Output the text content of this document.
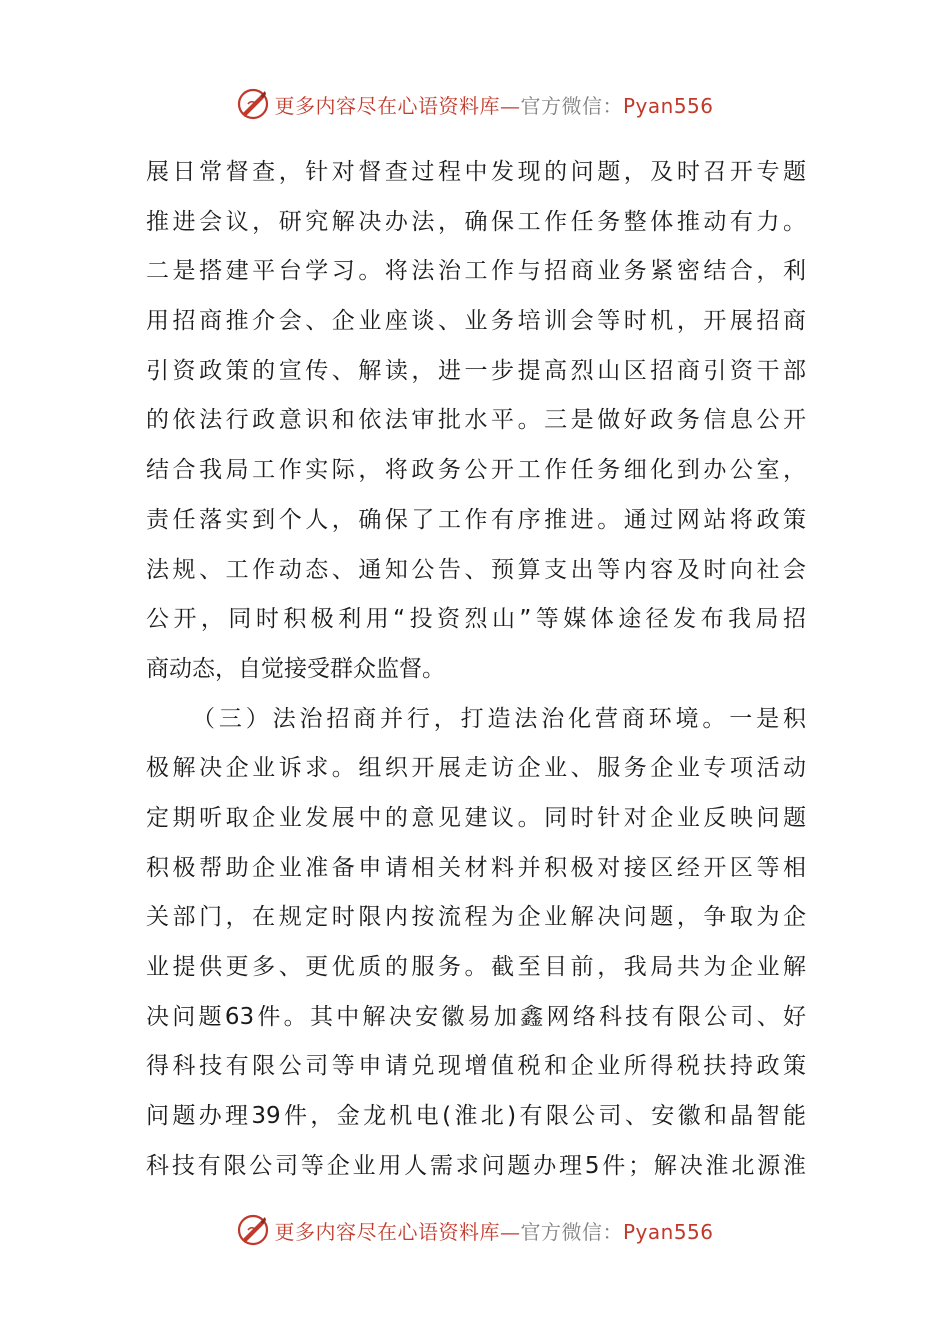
更多内容尽在心语资料库—官方微信：Pyan556
展日常督查，针对督查过程中发现的问题，及时召开专题
推进会议，研究解决办法，确保工作任务整体推动有力。
二是搭建平台学习。将法治工作与招商业务紧密结合，利
用招商推介会、企业座谈、业务培训会等时机，开展招商
引资政策的宣传、解读，进一步提高烈山区招商引资干部
的依法行政意识和依法审批水平。三是做好政务信息公开
结合我局工作实际，将政务公开工作任务细化到办公室，
责任落实到个人，确保了工作有序推进。通过网站将政策
法规、工作动态、通知公告、预算支出等内容及时向社会
公开，同时积极利用“投资烈山”等媒体途径发布我局招
商动态，自觉接受群众监督。
（三）法治招商并行，打造法治化营商环境。一是积
极解决企业诉求。组织开展走访企业、服务企业专项活动
定期听取企业发展中的意见建议。同时针对企业反映问题
积极帮助企业准备申请相关材料并积极对接区经开区等相
关部门，在规定时限内按流程为企业解决问题，争取为企
业提供更多、更优质的服务。截至目前，我局共为企业解
决问题63件。其中解决安徽易加鑫网络科技有限公司、好
得科技有限公司等申请兑现增值税和企业所得税扶持政策
问题办理39件，金龙机电(淮北)有限公司、安徽和晶智能
科技有限公司等企业用人需求问题办理5件；解决淮北源淮
更多内容尽在心语资料库—官方微信：Pyan556
